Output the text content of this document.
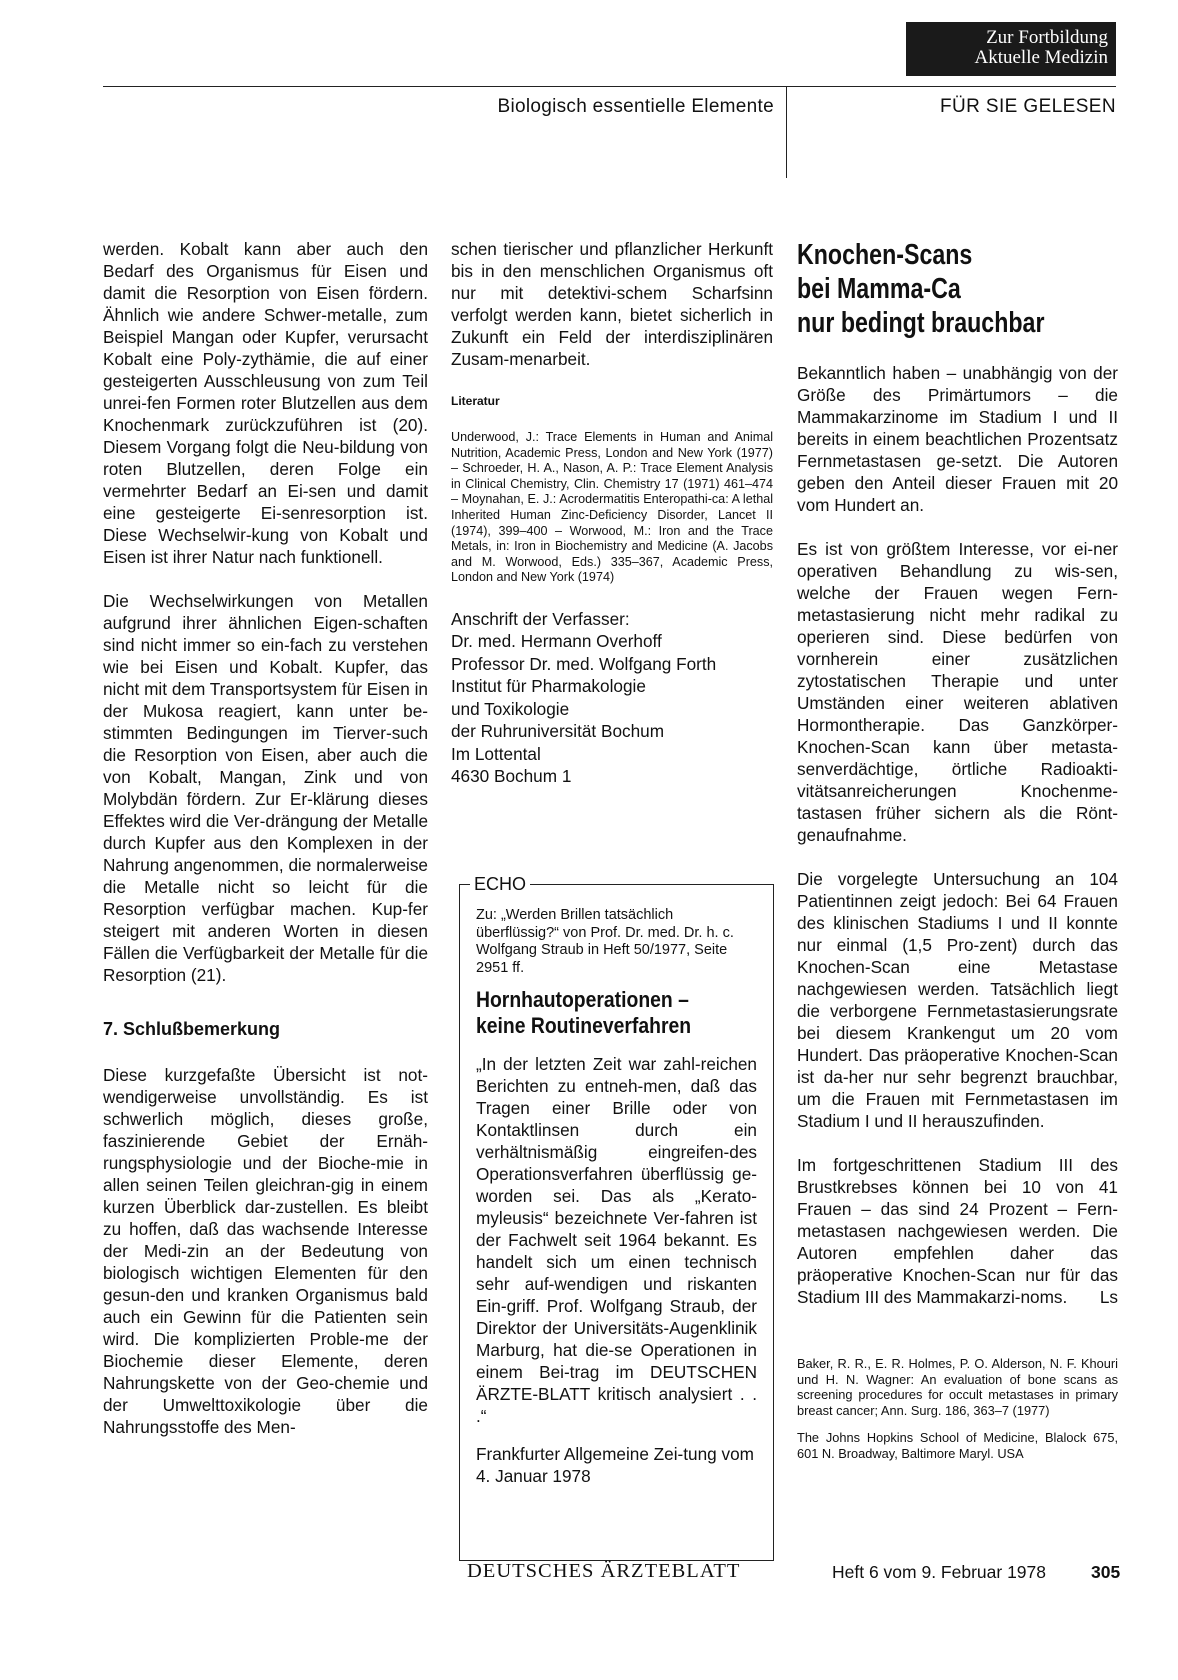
Zur Fortbildung
Aktuelle Medizin
Biologisch essentielle Elemente	FÜR SIE GELESEN

werden. Kobalt kann aber auch den Bedarf des Organismus für Eisen und damit die Resorption von Eisen fördern. Ähnlich wie andere Schwer-metalle, zum Beispiel Mangan oder Kupfer, verursacht Kobalt eine Poly-zythämie, die auf einer gesteigerten Ausschleusung von zum Teil unrei-fen Formen roter Blutzellen aus dem Knochenmark zurückzuführen ist (20). Diesem Vorgang folgt die Neu-bildung von roten Blutzellen, deren Folge ein vermehrter Bedarf an Ei-sen und damit eine gesteigerte Ei-senresorption ist. Diese Wechselwir-kung von Kobalt und Eisen ist ihrer Natur nach funktionell.

Die Wechselwirkungen von Metallen aufgrund ihrer ähnlichen Eigen-schaften sind nicht immer so ein-fach zu verstehen wie bei Eisen und Kobalt. Kupfer, das nicht mit dem Transportsystem für Eisen in der Mukosa reagiert, kann unter be-stimmten Bedingungen im Tierver-such die Resorption von Eisen, aber auch die von Kobalt, Mangan, Zink und von Molybdän fördern. Zur Er-klärung dieses Effektes wird die Ver-drängung der Metalle durch Kupfer aus den Komplexen in der Nahrung angenommen, die normalerweise die Metalle nicht so leicht für die Resorption verfügbar machen. Kup-fer steigert mit anderen Worten in diesen Fällen die Verfügbarkeit der Metalle für die Resorption (21).

7. Schlußbemerkung

Diese kurzgefaßte Übersicht ist not-wendigerweise unvollständig. Es ist schwerlich möglich, dieses große, faszinierende Gebiet der Ernäh-rungsphysiologie und der Bioche-mie in allen seinen Teilen gleichran-gig in einem kurzen Überblick dar-zustellen. Es bleibt zu hoffen, daß das wachsende Interesse der Medi-zin an der Bedeutung von biologisch wichtigen Elementen für den gesun-den und kranken Organismus bald auch ein Gewinn für die Patienten sein wird. Die komplizierten Proble-me der Biochemie dieser Elemente, deren Nahrungskette von der Geo-chemie und der Umwelttoxikologie über die Nahrungsstoffe des Men-

schen tierischer und pflanzlicher Herkunft bis in den menschlichen Organismus oft nur mit detektivi-schem Scharfsinn verfolgt werden kann, bietet sicherlich in Zukunft ein Feld der interdisziplinären Zusam-menarbeit.

Literatur
Underwood, J.: Trace Elements in Human and Animal Nutrition, Academic Press, London and New York (1977) – Schroeder, H. A., Nason, A. P.: Trace Element Analysis in Clinical Chemistry, Clin. Chemistry 17 (1971) 461–474 – Moynahan, E. J.: Acrodermatitis Enteropathi-ca: A lethal Inherited Human Zinc-Deficiency Disorder, Lancet II (1974), 399–400 – Worwood, M.: Iron and the Trace Metals, in: Iron in Biochemistry and Medicine (A. Jacobs and M. Worwood, Eds.) 335–367, Academic Press, London and New York (1974)

Anschrift der Verfasser:
Dr. med. Hermann Overhoff
Professor Dr. med. Wolfgang Forth
Institut für Pharmakologie
und Toxikologie
der Ruhruniversität Bochum
Im Lottental
4630 Bochum 1

ECHO
Zu: „Werden Brillen tatsächlich überflüssig?“ von Prof. Dr. med. Dr. h. c. Wolfgang Straub in Heft 50/1977, Seite 2951 ff.
Hornhautoperationen –
keine Routineverfahren
„In der letzten Zeit war zahl-reichen Berichten zu entneh-men, daß das Tragen einer Brille oder von Kontaktlinsen durch ein verhältnismäßig eingreifen-des Operationsverfahren überflüssig ge-worden sei. Das als „Kerato-myleusis“ bezeichnete Ver-fahren ist der Fachwelt seit 1964 bekannt. Es handelt sich um einen technisch sehr auf-wendigen und riskanten Ein-griff. Prof. Wolfgang Straub, der Direktor der Universitäts-Augenklinik Marburg, hat die-se Operationen in einem Bei-trag im DEUTSCHEN ÄRZTE-BLATT kritisch analysiert . . .“
Frankfurter Allgemeine Zei-tung vom 4. Januar 1978
Knochen-Scans
bei Mamma-Ca
nur bedingt brauchbar

Bekanntlich haben – unabhängig von der Größe des Primärtumors – die Mammakarzinome im Stadium I und II bereits in einem beachtlichen Prozentsatz Fernmetastasen ge-setzt. Die Autoren geben den Anteil dieser Frauen mit 20 vom Hundert an.

Es ist von größtem Interesse, vor ei-ner operativen Behandlung zu wis-sen, welche der Frauen wegen Fern-metastasierung nicht mehr radikal zu operieren sind. Diese bedürfen von vornherein einer zusätzlichen zytostatischen Therapie und unter Umständen einer weiteren ablativen Hormontherapie. Das Ganzkörper-Knochen-Scan kann über metasta-senverdächtige, örtliche Radioakti-vitätsanreicherungen Knochenme-tastasen früher sichern als die Rönt-genaufnahme.

Die vorgelegte Untersuchung an 104 Patientinnen zeigt jedoch: Bei 64 Frauen des klinischen Stadiums I und II konnte nur einmal (1,5 Pro-zent) durch das Knochen-Scan eine Metastase nachgewiesen werden. Tatsächlich liegt die verborgene Fernmetastasierungsrate bei diesem Krankengut um 20 vom Hundert. Das präoperative Knochen-Scan ist da-her nur sehr begrenzt brauchbar, um die Frauen mit Fernmetastasen im Stadium I und II herauszufinden.

Im fortgeschrittenen Stadium III des Brustkrebses können bei 10 von 41 Frauen – das sind 24 Prozent – Fern-metastasen nachgewiesen werden. Die Autoren empfehlen daher das präoperative Knochen-Scan nur für das Stadium III des Mammakarzi-noms. Ls

Baker, R. R., E. R. Holmes, P. O. Alderson, N. F. Khouri und H. N. Wagner: An evaluation of bone scans as screening procedures for occult metastases in primary breast cancer; Ann. Surg. 186, 363–7 (1977)
The Johns Hopkins School of Medicine, Blalock 675, 601 N. Broadway, Baltimore Maryl. USA
DEUTSCHES ÄRZTEBLATT	Heft 6 vom 9. Februar 1978	305
